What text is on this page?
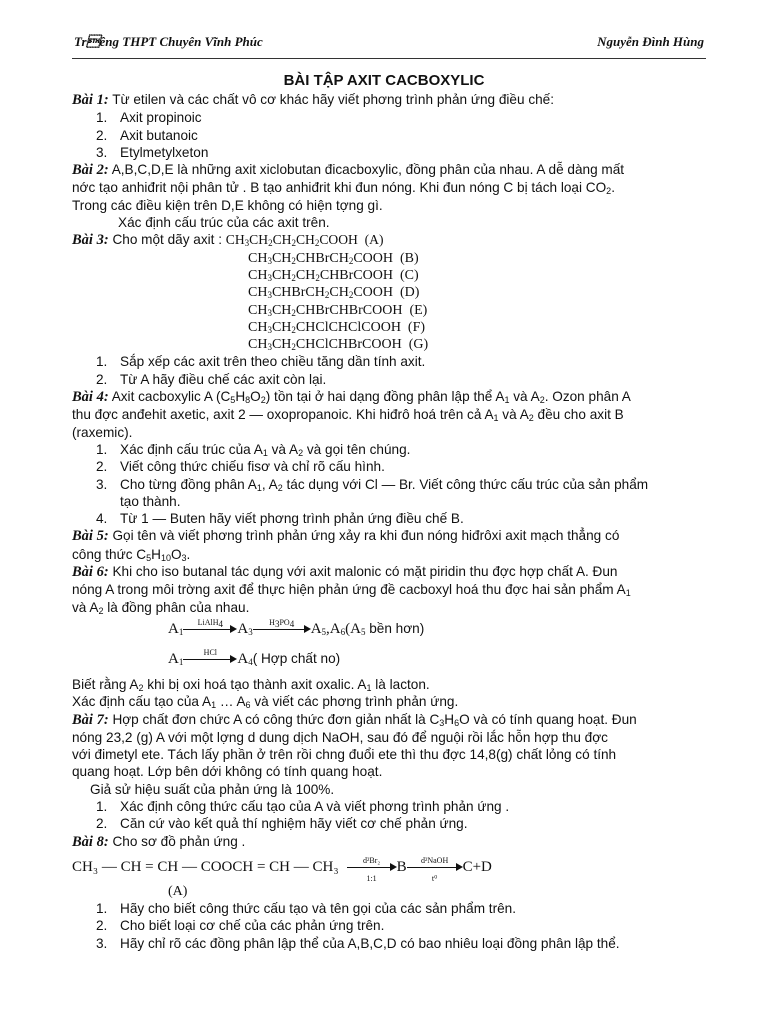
Trêng THPT Chuyên Vĩnh Phúc	Nguyễn Đình Hùng
BÀI TẬP AXIT CACBOXYLIC

Bài 1: Từ etilen và các chất vô cơ khác hãy viết phơng trình phản ứng điều chế:

1. Axit propinoic

2. Axit butanoic

3. Etylmetylxeton

Bài 2: A,B,C,D,E là những axit xiclobutan đicacboxylic, đồng phân của nhau. A dễ dàng mất

nớc tạo anhiđrit nội phân tử . B tạo anhiđrit khi đun nóng. Khi đun nóng C bị tách loại $CO_2$.

Trong các điều kiện trên D,E không có hiện tợng gì.

Xác định cấu trúc của các axit trên.

Bài 3: Cho một dãy axit : $CH_3CH_2CH_2CH_2COOH$  (A)

$CH_3CH_2CHBrCH_2COOH$  (B)

$CH_3CH_2CH_2CHBrCOOH$  (C)

$CH_3CHBrCH_2CH_2COOH$  (D)

$CH_3CH_2CHBrCHBrCOOH$  (E)

$CH_3CH_2CHClCHClCOOH$  (F)

$CH_3CH_2CHClCHBrCOOH$  (G)

1. Sắp xếp các axit trên theo chiều tăng dần tính axit.

2. Từ A hãy điều chế các axit còn lại.

Bài 4: Axit cacboxylic A $(C_5H_8O_2)$ tồn tại ở hai dạng đồng phân lập thể $A_1$ và $A_2$. Ozon phân A

thu đợc anđehit axetic, axit 2 — oxopropanoic. Khi hiđrô hoá trên cả $A_1$ và $A_2$ đều cho axit B

(raxemic).

1. Xác định cấu trúc của $A_1$ và $A_2$ và gọi tên chúng.

2. Viết công thức chiếu fisơ và chỉ rõ cấu hình.

3. Cho từng đồng phân $A_1$, $A_2$ tác dụng với Cl — Br. Viết công thức cấu trúc của sản phẩm

tạo thành.

4. Từ 1 — Buten hãy viết phơng trình phản ứng điều chế B.

Bài 5: Gọi tên và viết phơng trình phản ứng xảy ra khi đun nóng hiđrôxi axit mạch thẳng có

công thức $C_5H_{10}O_3$.

Bài 6: Khi cho iso butanal tác dụng với axit malonic có mặt piridin thu đợc hợp chất A. Đun

nóng A trong môi trờng axit để thực hiện phản ứng đề cacboxyl hoá thu đợc hai sản phẩm $A_1$

và $A_2$ là đồng phân của nhau.

$A_1$
LiAlH$_4$ $A_3$
$H_3PO_4$	$A_5,A_6(A_5$ bền hơn)
$A_1$
HCl	$A_4$( Hợp chất no)

Biết rằng $A_2$ khi bị oxi hoá tạo thành axit oxalic. $A_1$ là lacton.

Xác định cấu tạo của $A_1$ … $A_6$ và viết các phơng trình phản ứng.

Bài 7: Hợp chất đơn chức A có công thức đơn giản nhất là $C_3H_6O$ và có tính quang hoạt. Đun

nóng 23,2 (g) A với một lợng d dung dịch NaOH, sau đó để nguội rồi lắc hỗn hợp thu đợc

với đimetyl ete. Tách lấy phần ở trên rồi chng đuổi ete thì thu đợc 14,8(g) chất lỏng có tính

quang hoạt. Lớp bên dới không có tính quang hoạt.

Giả sử hiệu suất của phản ứng là 100%.

1. Xác định công thức cấu tạo của A và viết phơng trình phản ứng .

2. Căn cứ vào kết quả thí nghiệm hãy viết cơ chế phản ứng.

Bài 8: Cho sơ đồ phản ứng .

CH₃ — CH = CH — COOCH = CH — $CH_3 \frac{\text{d²Br₂}}{1:1}$ B	d²NaOH
t⁰
C+D

(A)

1. Hãy cho biết công thức cấu tạo và tên gọi của các sản phẩm trên.

2. Cho biết loại cơ chế của các phản ứng trên.

3. Hãy chỉ rõ các đồng phân lập thể của A,B,C,D có bao nhiêu loại đồng phân lập thể.
